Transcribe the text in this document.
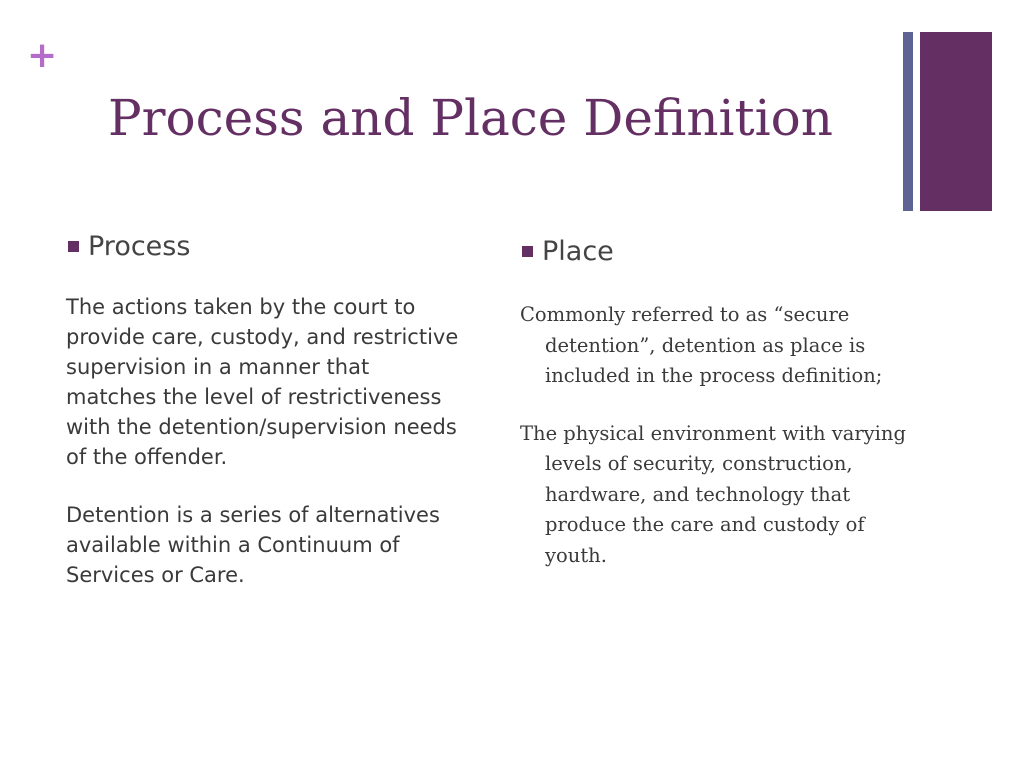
+
Process and Place Definition
Process

The actions taken by the court to provide care, custody, and restrictive supervision in a manner that matches the level of restrictiveness with the detention/supervision needs of the offender.

Detention is a series of alternatives available within a Continuum of Services or Care.

Place

Commonly referred to as “secure detention”, detention as place is included in the process definition;

The physical environment with varying levels of security, construction, hardware, and technology that produce the care and custody of youth.
